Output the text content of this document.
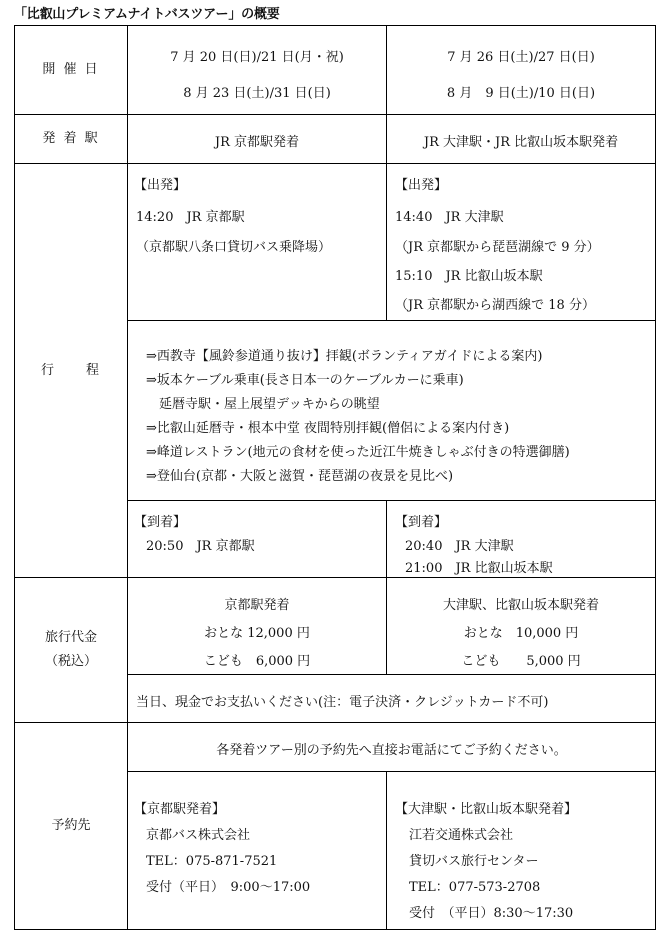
「比叡山プレミアムナイトバスツアー」の概要
開 催 日
7 月 20 日(日)/21 日(月・祝)
8 月 23 日(土)/31 日(日)
7 月 26 日(土)/27 日(日)
8 月　9 日(土)/10 日(日)
発 着 駅	JR 京都駅発着	JR 大津駅・JR 比叡山坂本駅発着
行　　程
【出発】
14:20　JR 京都駅
（京都駅八条口貸切バス乗降場）
【出発】
14:40　JR 大津駅
（JR 京都駅から琵琶湖線で 9 分）
15:10　JR 比叡山坂本駅
（JR 京都駅から湖西線で 18 分）
⇒西教寺【風鈴参道通り抜け】拝観(ボランティアガイドによる案内)
⇒坂本ケーブル乗車(長さ日本一のケーブルカーに乗車)
　延暦寺駅・屋上展望デッキからの眺望
⇒比叡山延暦寺・根本中堂 夜間特別拝観(僧侶による案内付き)
⇒峰道レストラン(地元の食材を使った近江牛焼きしゃぶ付きの特選御膳)
⇒登仙台(京都・大阪と滋賀・琵琶湖の夜景を見比べ)
【到着】
20:50　JR 京都駅
【到着】
20:40　JR 大津駅
21:00　JR 比叡山坂本駅
旅行代金
（税込）
京都駅発着
おとな 12,000 円
こども　6,000 円
大津駅、比叡山坂本駅発着
おとな　10,000 円
こども　　5,000 円
当日、現金でお支払いください(注：電子決済・クレジットカード不可)
予約先
各発着ツアー別の予約先へ直接お電話にてご予約ください。
【京都駅発着】
京都バス株式会社
TEL：075-871-7521
受付（平日）　9:00～17:00
【大津駅・比叡山坂本駅発着】
江若交通株式会社
貸切バス旅行センター
TEL：077-573-2708
受付　（平日）8:30～17:30
